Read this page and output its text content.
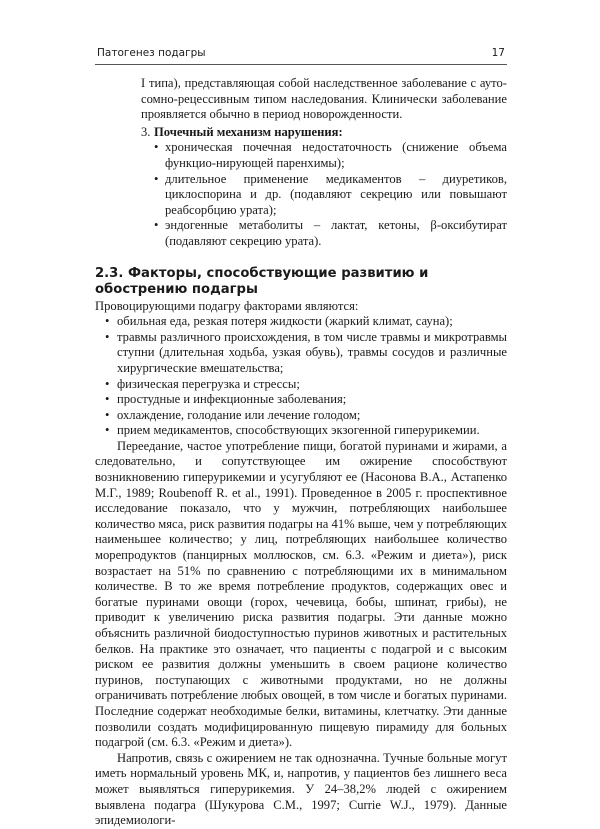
Патогенез подагры	17

I типа), представляющая собой наследственное заболевание с ауто-сомно-рецессивным типом наследования. Клинически заболевание проявляется обычно в период новорожденности.

3. Почечный механизм нарушения:
• хроническая почечная недостаточность (снижение объема функцио-нирующей паренхимы);
• длительное применение медикаментов – диуретиков, циклоспорина и др. (подавляют секрецию или повышают реабсорбцию урата);
• эндогенные метаболиты – лактат, кетоны, β-оксибутират (подавляют секрецию урата).
2.3. Факторы, способствующие развитию и обострению подагры

Провоцирующими подагру факторами являются:

• обильная еда, резкая потеря жидкости (жаркий климат, сауна);
• травмы различного происхождения, в том числе травмы и микротравмы ступни (длительная ходьба, узкая обувь), травмы сосудов и различные хирургические вмешательства;
• физическая перегрузка и стрессы;
• простудные и инфекционные заболевания;
• охлаждение, голодание или лечение голодом;
• прием медикаментов, способствующих экзогенной гиперурикемии.

Переедание, частое употребление пищи, богатой пуринами и жирами, а следовательно, и сопутствующее им ожирение способствуют возникновению гиперурикемии и усугубляют ее (Насонова В.А., Астапенко М.Г., 1989; Roubenoff R. et al., 1991). Проведенное в 2005 г. проспективное исследование показало, что у мужчин, потребляющих наибольшее количество мяса, риск развития подагры на 41% выше, чем у потребляющих наименьшее количество; у лиц, потребляющих наибольшее количество морепродуктов (панцирных моллюсков, см. 6.3. «Режим и диета»), риск возрастает на 51% по сравнению с потребляющими их в минимальном количестве. В то же время потребление продуктов, содержащих овес и богатые пуринами овощи (горох, чечевица, бобы, шпинат, грибы), не приводит к увеличению риска развития подагры. Эти данные можно объяснить различной биодоступностью пуринов животных и растительных белков. На практике это означает, что пациенты с подагрой и с высоким риском ее развития должны уменьшить в своем рационе количество пуринов, поступающих с животными продуктами, но не должны ограничивать потребление любых овощей, в том числе и богатых пуринами. Последние содержат необходимые белки, витамины, клетчатку. Эти данные позволили создать модифицированную пищевую пирамиду для больных подагрой (см. 6.3. «Режим и диета»).

Напротив, связь с ожирением не так однозначна. Тучные больные могут иметь нормальный уровень МК, и, напротив, у пациентов без лишнего веса может выявляться гиперурикемия. У 24–38,2% людей с ожирением выявлена подагра (Шукурова С.М., 1997; Currie W.J., 1979). Данные эпидемиологи-
